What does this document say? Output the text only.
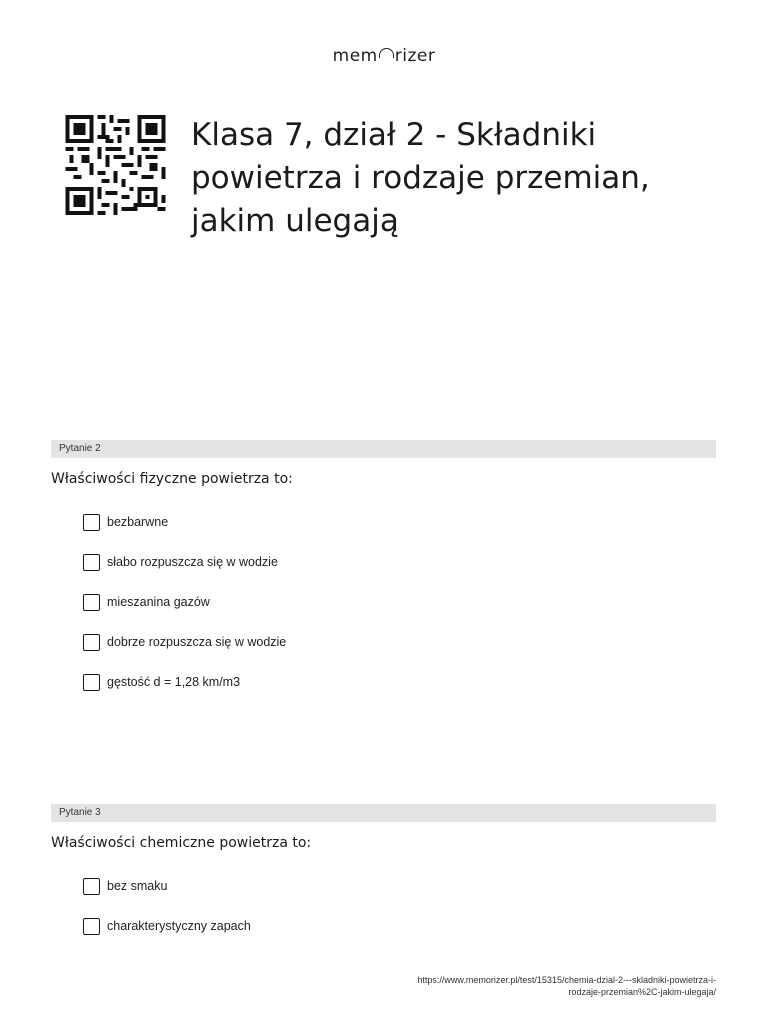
mem rizer
Klasa 7, dział 2 - Składniki powietrza i rodzaje przemian, jakim ulegają
Pytanie 2
Właściwości fizyczne powietrza to:
bezbarwne
słabo rozpuszcza się w wodzie
mieszanina gazów
dobrze rozpuszcza się w wodzie
gęstość d = 1,28 km/m3
Pytanie 3
Właściwości chemiczne powietrza to:
bez smaku
charakterystyczny zapach
https://www.memorizer.pl/test/15315/chemia-dzial-2---skladniki-powietrza-i-
rodzaje-przemian%2C-jakim-ulegaja/
